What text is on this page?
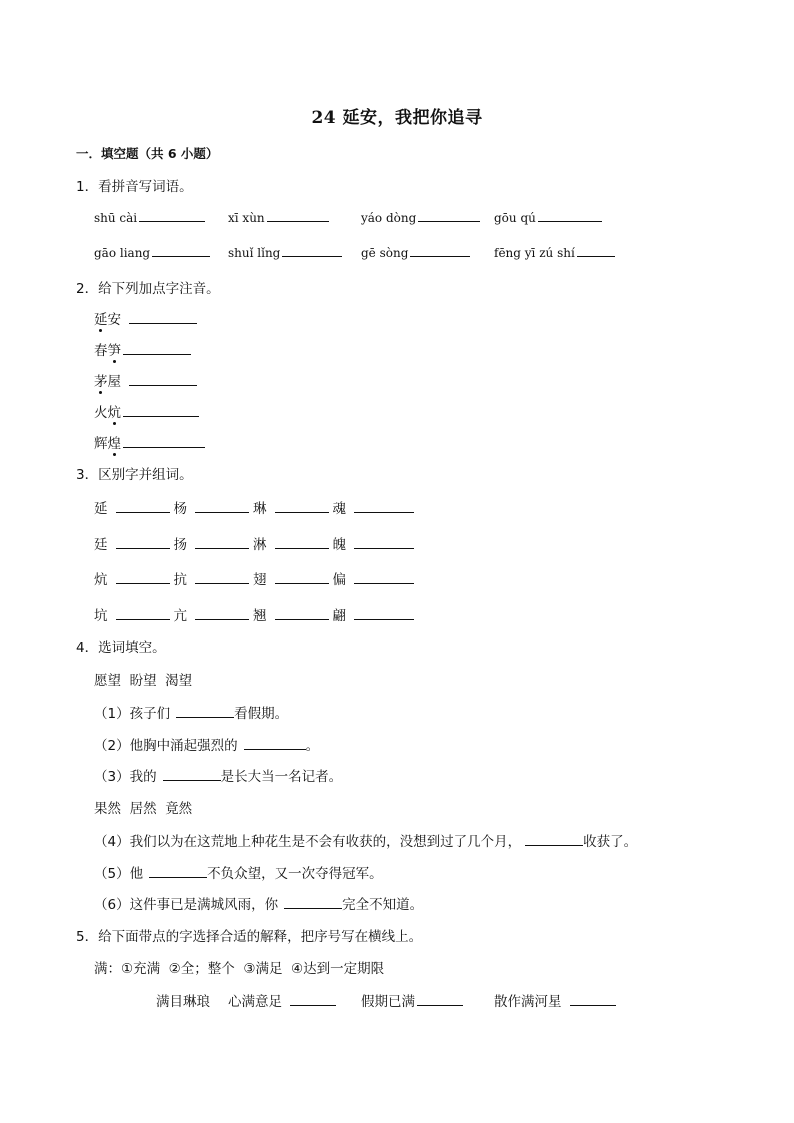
24 延安，我把你追寻
一．填空题（共 6 小题）
1．看拼音写词语。
shū cài	xī xùn	yáo dòng	gōu qú
gāo liang	shuǐ lǐng	gē sòng	fēng yī zú shí
2．给下列加点字注音。
延安
春笋
茅屋
火炕
辉煌
3．区别字并组词。
延	杨	琳	魂
廷	扬	淋	魄
炕	抗	翅	偏
坑	亢	翘	翩
4．选词填空。
愿望  盼望  渴望
（1）孩子们	看假期。
（2）他胸中涌起强烈的	。
（3）我的	是长大当一名记者。
果然  居然  竟然
（4）我们以为在这荒地上种花生是不会有收获的，没想到过了几个月，	收获了。
（5）他	不负众望，又一次夺得冠军。
（6）这件事已是满城风雨，你	完全不知道。
5．给下面带点的字选择合适的解释，把序号写在横线上。
满：①充满  ②全；整个  ③满足  ④达到一定期限
满目琳琅 心满意足	假期已满	散作满河星
